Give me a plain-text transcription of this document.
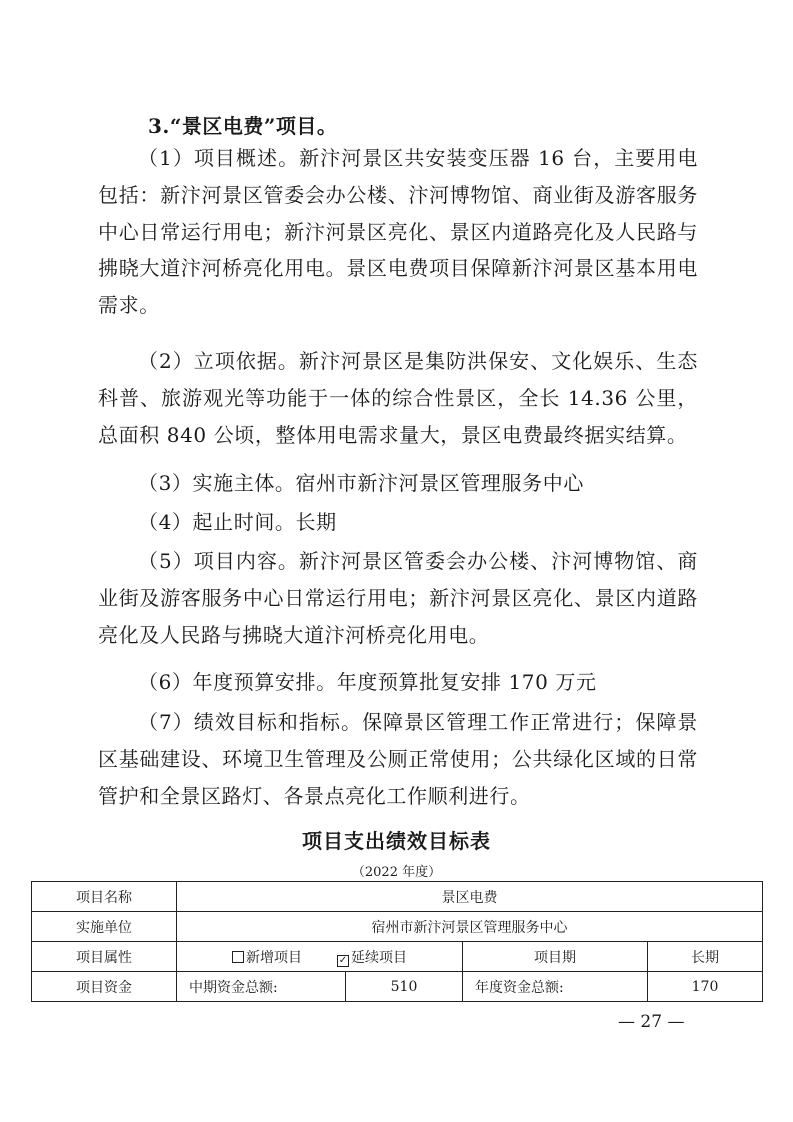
3.“景区电费”项目。
（1）项目概述。新汴河景区共安装变压器 16 台，主要用电包括：新汴河景区管委会办公楼、汴河博物馆、商业街及游客服务中心日常运行用电；新汴河景区亮化、景区内道路亮化及人民路与拂晓大道汴河桥亮化用电。景区电费项目保障新汴河景区基本用电需求。
（2）立项依据。新汴河景区是集防洪保安、文化娱乐、生态科普、旅游观光等功能于一体的综合性景区，全长 14.36 公里，总面积 840 公顷，整体用电需求量大，景区电费最终据实结算。
（3）实施主体。宿州市新汴河景区管理服务中心
（4）起止时间。长期
（5）项目内容。新汴河景区管委会办公楼、汴河博物馆、商业街及游客服务中心日常运行用电；新汴河景区亮化、景区内道路亮化及人民路与拂晓大道汴河桥亮化用电。
（6）年度预算安排。年度预算批复安排 170 万元
（7）绩效目标和指标。保障景区管理工作正常进行；保障景区基础建设、环境卫生管理及公厕正常使用；公共绿化区域的日常管护和全景区路灯、各景点亮化工作顺利进行。
项目支出绩效目标表
（2022 年度）
项目名称	景区电费			
实施单位	宿州市新汴河景区管理服务中心			
项目属性	新增项目 ✓ 延续项目		项目期	长期
项目资金	中期资金总额:	510	年度资金总额:	170
— 27 —
